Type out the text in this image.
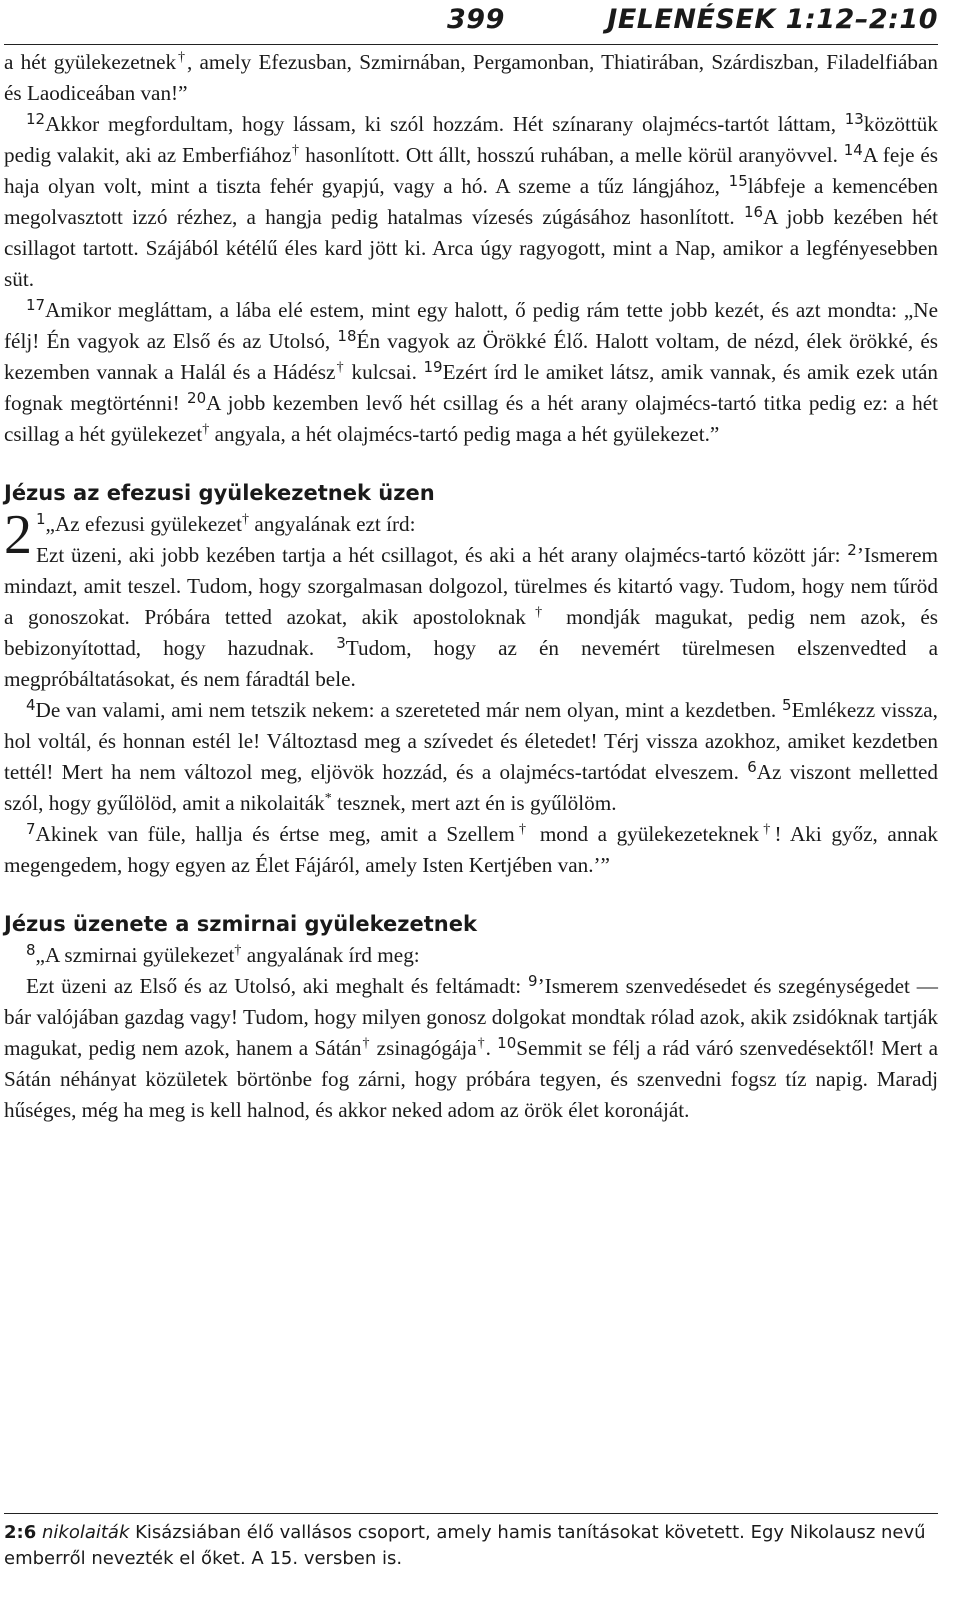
399	JELENÉSEK 1:12–2:10

a hét gyülekezetnek†, amely Efezusban, Szmirnában, Pergamonban, Thiatirában, Szárdiszban, Filadelfiában és Laodiceában van!”

$^{12}$Akkor megfordultam, hogy lássam, ki szól hozzám. Hét színarany olajmécs-tartót láttam, $^{13}$közöttük pedig valakit, aki az Emberfiához† hasonlított. Ott állt, hosszú ruhában, a melle körül aranyövvel. $^{14}$A feje és haja olyan volt, mint a tiszta fehér gyapjú, vagy a hó. A szeme a tűz lángjához, $^{15}$lábfeje a kemencében megolvasztott izzó rézhez, a hangja pedig hatalmas vízesés zúgásához hasonlított. $^{16}$A jobb kezében hét csillagot tartott. Szájából kétélű éles kard jött ki. Arca úgy ragyogott, mint a Nap, amikor a legfényesebben süt.

$^{17}$Amikor megláttam, a lába elé estem, mint egy halott, ő pedig rám tette jobb kezét, és azt mondta: „Ne félj! Én vagyok az Első és az Utolsó, $^{18}$Én vagyok az Örökké Élő. Halott voltam, de nézd, élek örökké, és kezemben vannak a Halál és a Hádész† kulcsai. $^{19}$Ezért írd le amiket látsz, amik vannak, és amik ezek után fognak megtörténni! $^{20}$A jobb kezemben levő hét csillag és a hét arany olajmécs-tartó titka pedig ez: a hét csillag a hét gyülekezet† angyala, a hét olajmécs-tartó pedig maga a hét gyülekezet.”

Jézus az efezusi gyülekezetnek üzen

2 $^1$„Az efezusi gyülekezet† angyalának ezt írd:

Ezt üzeni, aki jobb kezében tartja a hét csillagot, és aki a hét arany olajmécs-tartó között jár: $^2$’Ismerem mindazt, amit teszel. Tudom, hogy szorgalmasan dolgozol, türelmes és kitartó vagy. Tudom, hogy nem tűröd a gonoszokat. Próbára tetted azokat, akik apostoloknak† mondják magukat, pedig nem azok, és bebizonyítottad, hogy hazudnak. $^3$Tudom, hogy az én nevemért türelmesen elszenvedted a megpróbáltatásokat, és nem fáradtál bele.

$^4$De van valami, ami nem tetszik nekem: a szereteted már nem olyan, mint a kezdetben. $^5$Emlékezz vissza, hol voltál, és honnan estél le! Változtasd meg a szívedet és életedet! Térj vissza azokhoz, amiket kezdetben tettél! Mert ha nem változol meg, eljövök hozzád, és a olajmécs-tartódat elveszem. $^6$Az viszont melletted szól, hogy gyűlölöd, amit a nikolaiták* tesznek, mert azt én is gyűlölöm.

$^7$Akinek van füle, hallja és értse meg, amit a Szellem† mond a gyülekezeteknek†! Aki győz, annak megengedem, hogy egyen az Élet Fájáról, amely Isten Kertjében van.’”

Jézus üzenete a szmirnai gyülekezetnek

$^8$„A szmirnai gyülekezet† angyalának írd meg:

Ezt üzeni az Első és az Utolsó, aki meghalt és feltámadt: $^9$’Ismerem szenvedésedet és szegénységedet — bár valójában gazdag vagy! Tudom, hogy milyen gonosz dolgokat mondtak rólad azok, akik zsidóknak tartják magukat, pedig nem azok, hanem a Sátán† zsinagógája†. $^{10}$Semmit se félj a rád váró szenvedésektől! Mert a Sátán néhányat közületek börtönbe fog zárni, hogy próbára tegyen, és szenvedni fogsz tíz napig. Maradj hűséges, még ha meg is kell halnod, és akkor neked adom az örök élet koronáját.

2:6 nikolaiták Kisázsiában élő vallásos csoport, amely hamis tanításokat követett. Egy Nikolausz nevű emberről nevezték el őket. A 15. versben is.
